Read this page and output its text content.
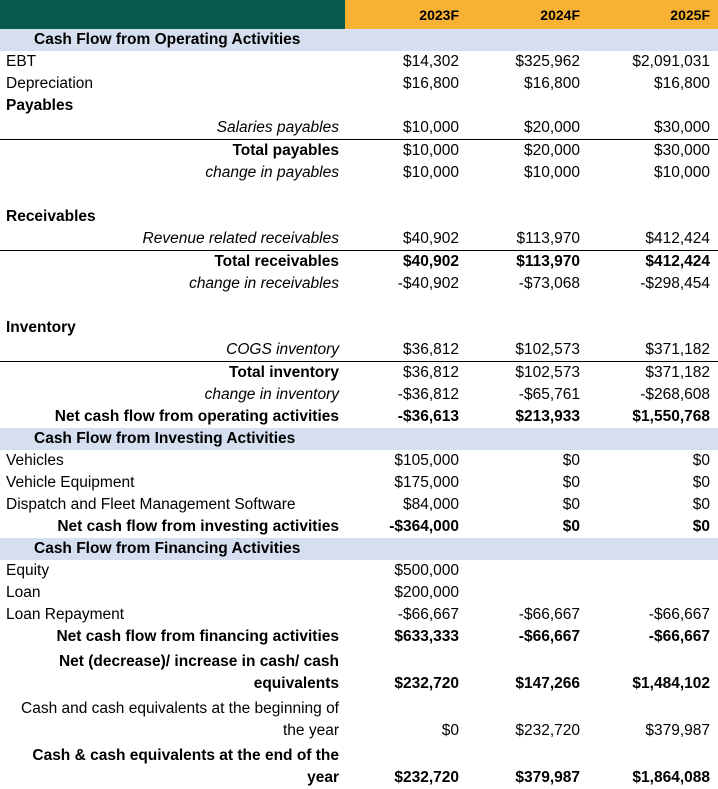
	2023F	2024F	2025F
Cash Flow from Operating Activities			
EBT	$14,302	$325,962	$2,091,031
Depreciation	$16,800	$16,800	$16,800
Payables			
Salaries payables	$10,000	$20,000	$30,000
Total payables	$10,000	$20,000	$30,000
change in payables	$10,000	$10,000	$10,000

Receivables			
Revenue related receivables	$40,902	$113,970	$412,424
Total receivables	$40,902	$113,970	$412,424
change in receivables	-$40,902	-$73,068	-$298,454

Inventory			
COGS inventory	$36,812	$102,573	$371,182
Total inventory	$36,812	$102,573	$371,182
change in inventory	-$36,812	-$65,761	-$268,608
Net cash flow from operating activities	-$36,613	$213,933	$1,550,768
Cash Flow from Investing Activities			
Vehicles	$105,000	$0	$0
Vehicle Equipment	$175,000	$0	$0
Dispatch and Fleet Management Software	$84,000	$0	$0
Net cash flow from investing activities	-$364,000	$0	$0
Cash Flow from Financing Activities			
Equity	$500,000		
Loan	$200,000		
Loan Repayment	-$66,667	-$66,667	-$66,667
Net cash flow from financing activities	$633,333	-$66,667	-$66,667
Net (decrease)/ increase in cash/ cash equivalents	$232,720	$147,266	$1,484,102
Cash and cash equivalents at the beginning of the year	$0	$232,720	$379,987
Cash & cash equivalents at the end of the year	$232,720	$379,987	$1,864,088
